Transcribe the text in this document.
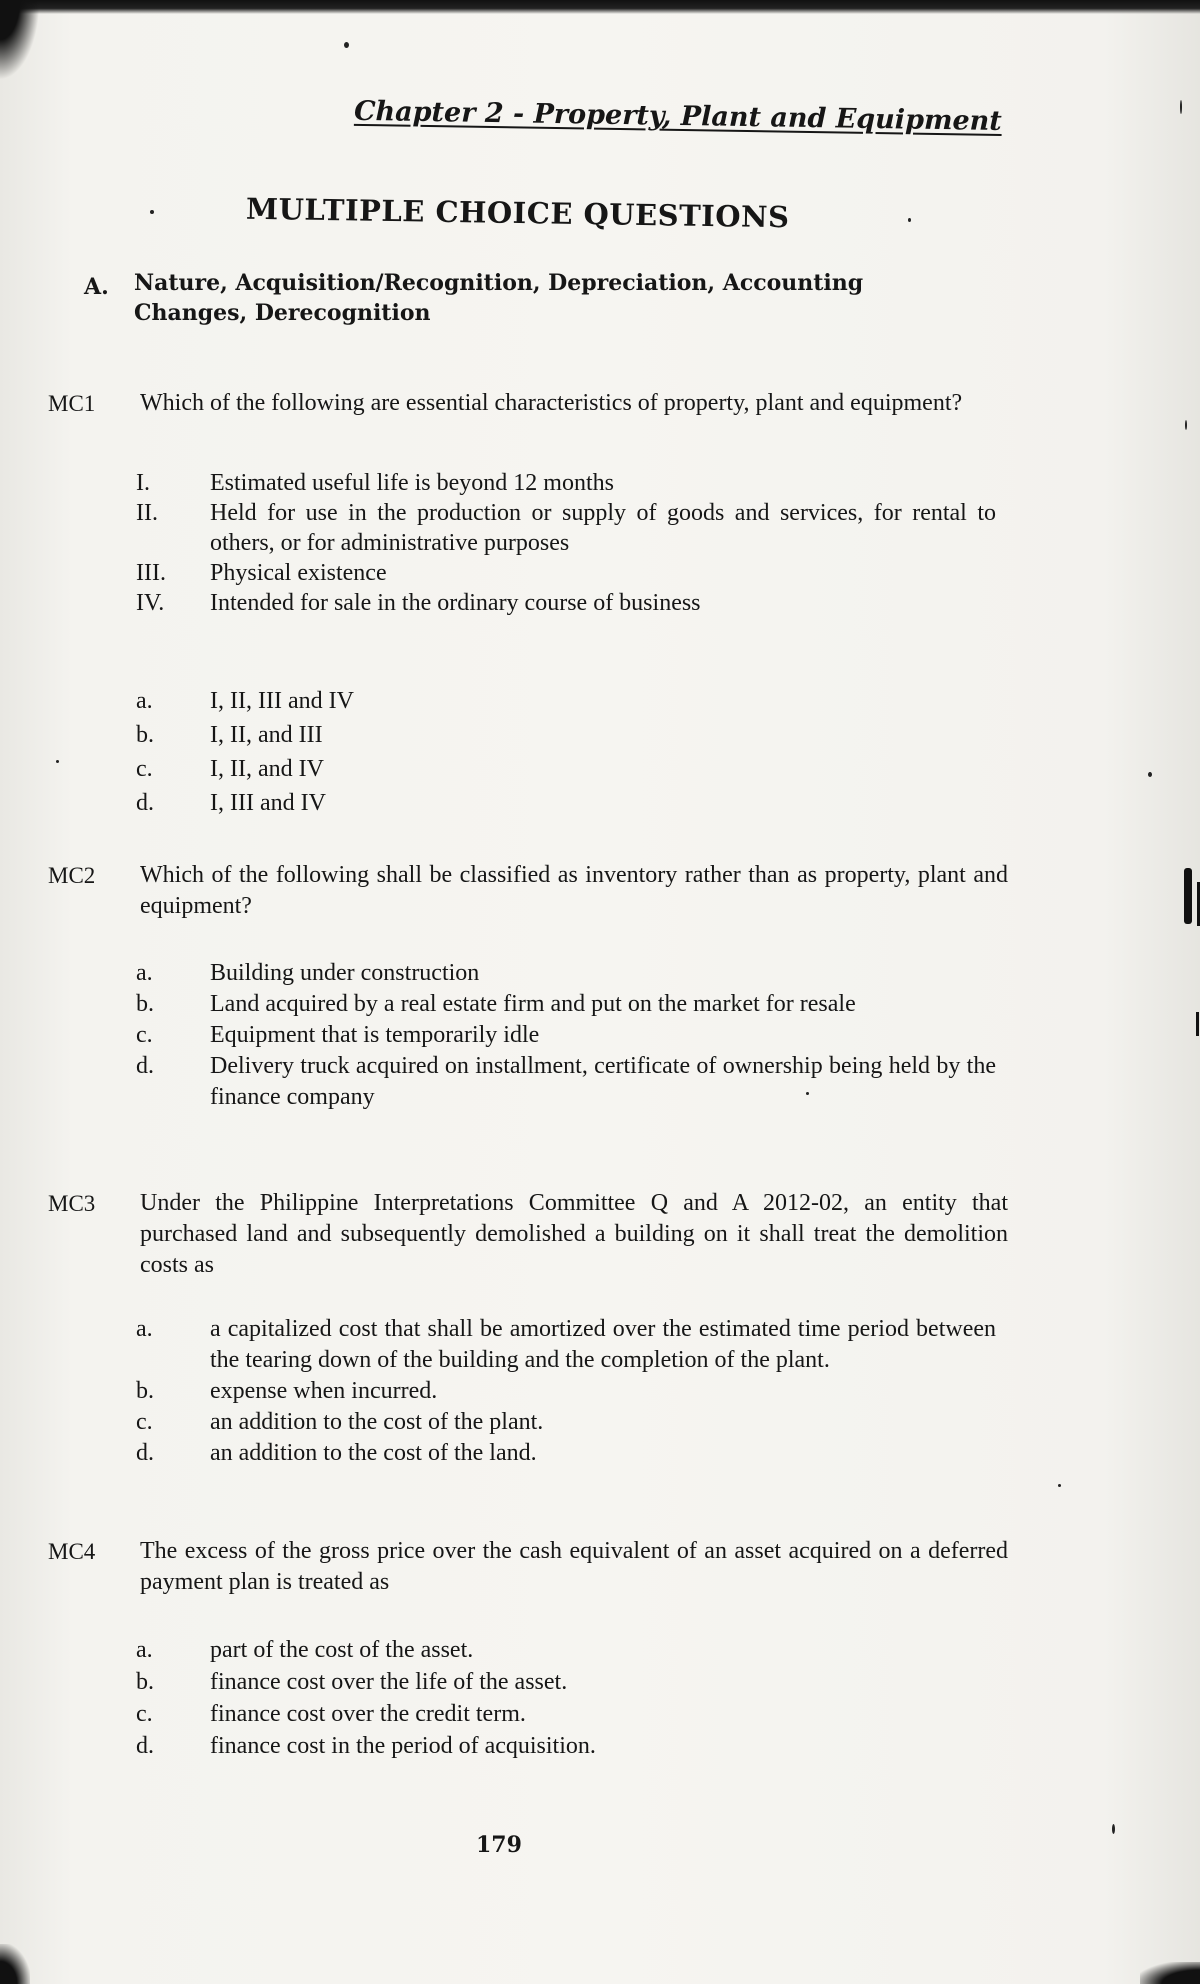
Chapter 2 - Property, Plant and Equipment
MULTIPLE CHOICE QUESTIONS
A. Nature, Acquisition/Recognition, Depreciation, Accounting
Changes, Derecognition
MC1 Which of the following are essential characteristics of property, plant and equipment?
I.	Estimated useful life is beyond 12 months
II. Held for use in the production or supply of goods and services, for rental to others, or for administrative purposes
III. Physical existence
IV. Intended for sale in the ordinary course of business
a. I, II, III and IV
b. I, II, and III
c. I, II, and IV
d. I, III and IV
MC2 Which of the following shall be classified as inventory rather than as property, plant and equipment?
a. Building under construction
b. Land acquired by a real estate firm and put on the market for resale
c. Equipment that is temporarily idle
d. Delivery truck acquired on installment, certificate of ownership being held by the finance company
MC3 Under the Philippine Interpretations Committee Q and A 2012-02, an entity that purchased land and subsequently demolished a building on it shall treat the demolition costs as
a. a capitalized cost that shall be amortized over the estimated time period between the tearing down of the building and the completion of the plant.
b. expense when incurred.
c. an addition to the cost of the plant.
d. an addition to the cost of the land.
MC4 The excess of the gross price over the cash equivalent of an asset acquired on a deferred payment plan is treated as
a. part of the cost of the asset.
b. finance cost over the life of the asset.
c. finance cost over the credit term.
d. finance cost in the period of acquisition.
179
